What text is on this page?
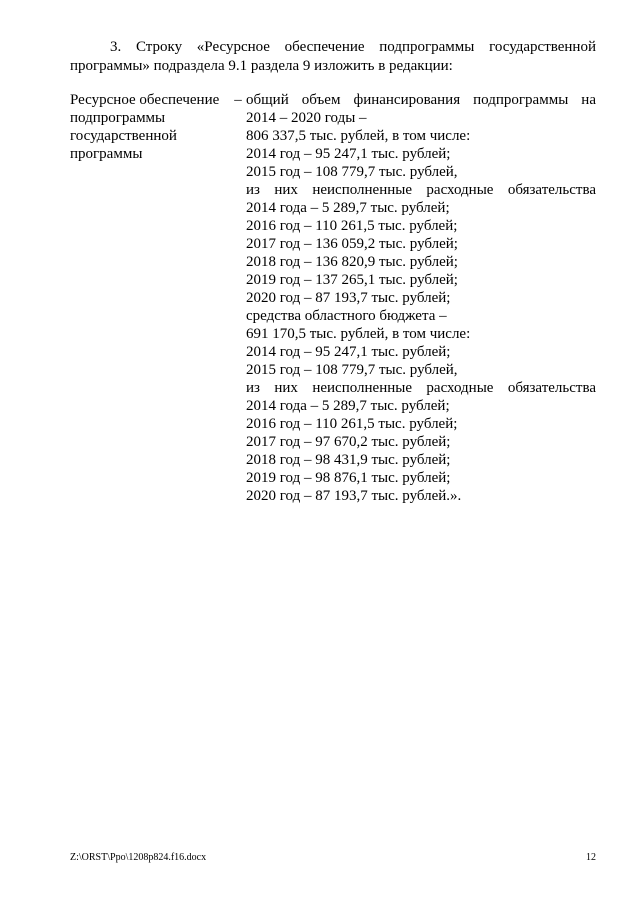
3. Строку «Ресурсное обеспечение подпрограммы государственной
программы» подраздела 9.1 раздела 9 изложить в редакции:
Ресурсное обеспечение
подпрограммы
государственной
программы
– общий объем финансирования подпрограммы на
2014 – 2020 годы –
806 337,5 тыс. рублей, в том числе:
2014 год – 95 247,1 тыс. рублей;
2015 год – 108 779,7 тыс. рублей,
из них неисполненные расходные обязательства
2014 года – 5 289,7 тыс. рублей;
2016 год – 110 261,5 тыс. рублей;
2017 год – 136 059,2 тыс. рублей;
2018 год – 136 820,9 тыс. рублей;
2019 год – 137 265,1 тыс. рублей;
2020 год – 87 193,7 тыс. рублей;
средства областного бюджета –
691 170,5 тыс. рублей, в том числе:
2014 год – 95 247,1 тыс. рублей;
2015 год – 108 779,7 тыс. рублей,
из них неисполненные расходные обязательства
2014 года – 5 289,7 тыс. рублей;
2016 год – 110 261,5 тыс. рублей;
2017 год – 97 670,2 тыс. рублей;
2018 год – 98 431,9 тыс. рублей;
2019 год – 98 876,1 тыс. рублей;
2020 год – 87 193,7 тыс. рублей.».
Z:\ORST\Ppo\1208p824.f16.docx	12
